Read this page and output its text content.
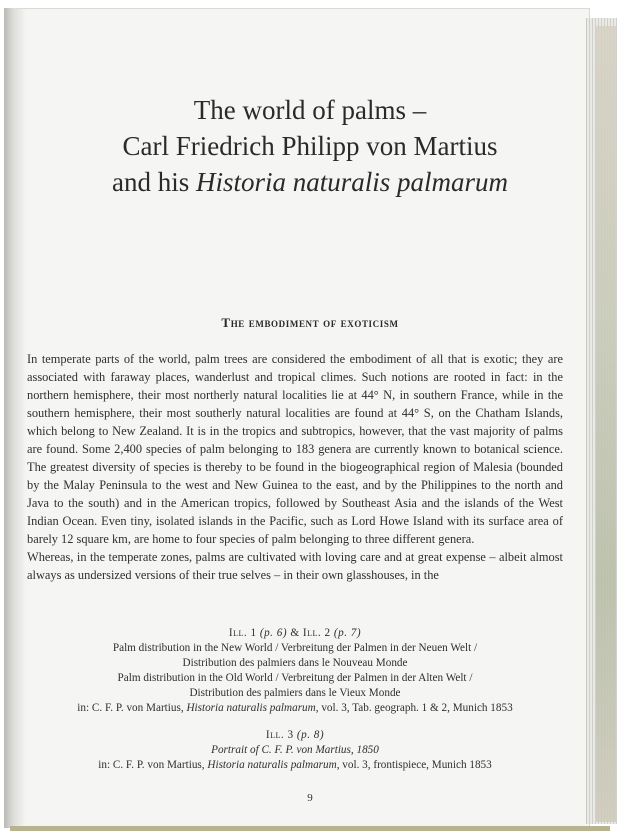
The world of palms –
Carl Friedrich Philipp von Martius
and his Historia naturalis palmarum
The embodiment of exoticism

In temperate parts of the world, palm trees are considered the embodiment of all that is exotic; they are associated with faraway places, wanderlust and tropical climes. Such notions are rooted in fact: in the northern hemisphere, their most northerly natural localities lie at 44° N, in southern France, while in the southern hemisphere, their most southerly natural localities are found at 44° S, on the Chatham Islands, which belong to New Zealand. It is in the tropics and subtropics, however, that the vast majority of palms are found. Some 2,400 species of palm belonging to 183 genera are currently known to botanical science. The greatest diversity of species is thereby to be found in the biogeographical region of Malesia (bounded by the Malay Peninsula to the west and New Guinea to the east, and by the Philippines to the north and Java to the south) and in the American tropics, followed by Southeast Asia and the islands of the West Indian Ocean. Even tiny, isolated islands in the Pacific, such as Lord Howe Island with its surface area of barely 12 square km, are home to four species of palm belonging to three different genera.

Whereas, in the temperate zones, palms are cultivated with loving care and at great expense – albeit almost always as undersized versions of their true selves – in their own glasshouses, in the

Ill. 1 (p. 6) & Ill. 2 (p. 7)
Palm distribution in the New World / Verbreitung der Palmen in der Neuen Welt /
Distribution des palmiers dans le Nouveau Monde
Palm distribution in the Old World / Verbreitung der Palmen in der Alten Welt /
Distribution des palmiers dans le Vieux Monde
in: C. F. P. von Martius, Historia naturalis palmarum, vol. 3, Tab. geograph. 1 & 2, Munich 1853
Ill. 3 (p. 8)
Portrait of C. F. P. von Martius, 1850
in: C. F. P. von Martius, Historia naturalis palmarum, vol. 3, frontispiece, Munich 1853
9
